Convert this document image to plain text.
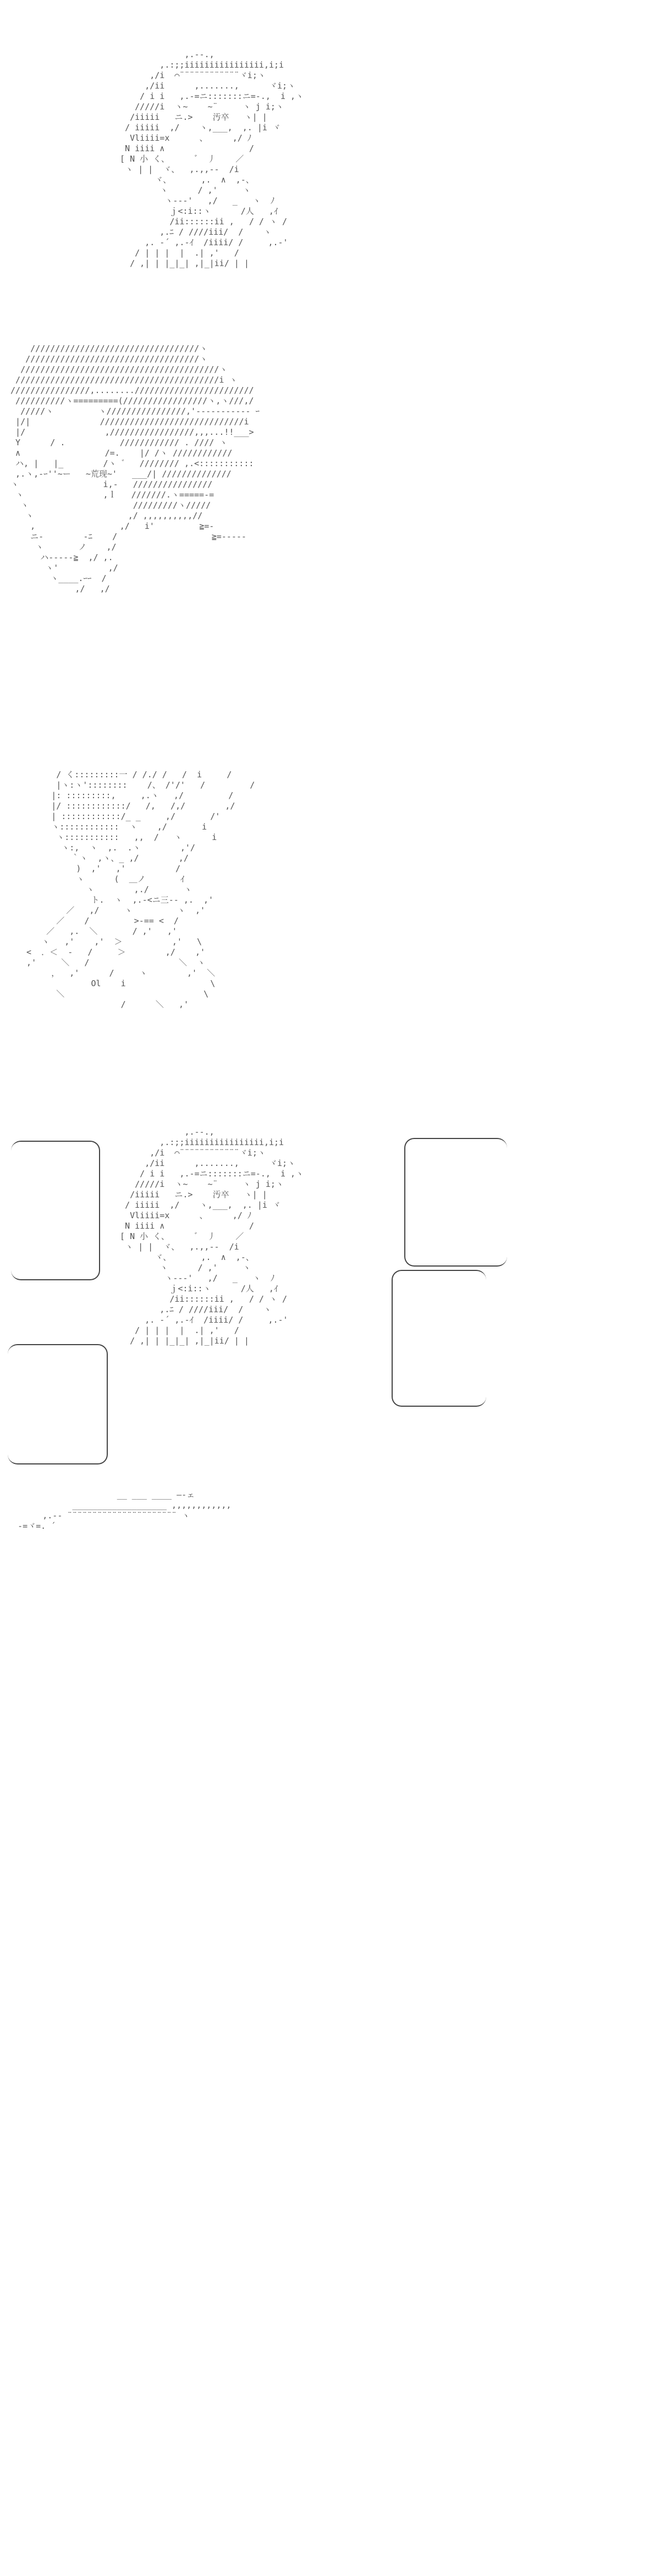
,.--.,
,.:;;iiiiiiiiiiiiiiii,i;i
,/i  ⌒¨¨¨¨¨¨¨¨¨¨¨¨ヾi;ヽ
,/ii      ,.......,      ヾi;ヽ
/ i i   ,.-=ニ:::::::ニ=-.,  i ,ヽ
/////i  ヽ~    ~¨     ヽ j i;ヽ
/iiiii   ニ.>    汚卒   ヽ| |
/ iiiii  ,/    ヽ,___,  ,. |i ヾ
Vliiii=x      、     ,/ ﾉ
N iiii ∧                 /
[ N 小 く、     ゛ 丿    ／
ヽ | |  ヾ、  ,.,,--  /i
ヾ、      ,.  ∧  ,-、
ヽ      / ,'     ヽ
ヽ---'   ,/   _   ヽ  ﾉ
ｊ<:i::ヽ      /人   ,ｲ
/ii::::::ii ,   / / ヽ /
,.ﾆ / ////iii/  /    ヽ
,. -´ ,.-ｲ  /iiii/ /     ,.-'
/ | | |  |  .| ,'   /
/ ,| | |_|_| ,|_|ii/ | |

//////////////////////////////////ヽ
///////////////////////////////////ヽ
////////////////////////////////////////ヽ
/////////////////////////////////////////i ヽ
////////////////,........////////////////////////
//////////ヽ=========(/////////////////ヽ,ヽ///,/
/////ヽ         ヽ////////////////,'----------- ｰ
|/|              /////////////////////////////i
|/                ,/////////////////,,,...!!___>
Y      / .           //////////// . //// ヽ
∧                 /=.    |/ /ヽ ////////////
ハ, |   |_        /ヽ ゛  //////// ,.<:::::::::::
,.ヽ,-ｰ''~ー   ~荒现~'   ___/| //////////////
ヽ                 i,-   ////////////////
ヽ                ,ｌ   ///////.ヽ=====-=
ヽ                     /////////ヽ/////
ヽ                   ,/ ,,,,,,,,,,//
,                 ,/   i'         ≧=-
ニ-        -ﾆ    /                   ≧=-----
ヽ       ノ    ,/
ハ-----≧  ,/ ,.
ヽ'          ,/
ヽ____.ｰｰ  /
,/   ,/

/ く:::::::::一 / /./ /   /  i     /
|ヽ:ヽ'::::::::    /、 /'/'   /         /
|: :::::::::,     ,.ヽ   ,/         /
|/ ::::::::::::/   /,   /,/        ,/
| ::::::::::::/_ _     ,/       /'
ヽ::::::::::::  ヽ    ,/       i
ヽ:::::::::::   ,,  /   ヽ      i
ヽ:,  ヽ  ,.  .ヽ        ,'/
｀ヽ  ,ヽ、_ ,/        ,/
)  ,'   ,'          /
ヽ      (  ＿ノ       ｲ
ヽ        ,./       ヽ
ト.  ヽ  ,.-<ニ三-- ,.  ,'
／   ,/     ヽ         ヽ  ,'
／    /         >-== <  /
／   ,.  ＼       / ,'   ,'
ヽ   ,'    ,'  ＞          ,'   \
<  ．＜  -   /     ＞        ,/    ,'
,'     ＼   /                  ＼  ヽ
，  ,'      /     ヽ        ,'  ＼
Ol    i                 \
＼                            \
/      ＼   ,'

,.--.,
,.:;;iiiiiiiiiiiiiiii,i;i
,/i  ⌒¨¨¨¨¨¨¨¨¨¨¨¨ヾi;ヽ
,/ii      ,.......,      ヾi;ヽ
/ i i   ,.-=ニ:::::::ニ=-.,  i ,ヽ
/////i  ヽ~    ~¨     ヽ j i;ヽ
/iiiii   ニ.>    汚卒   ヽ| |
/ iiiii  ,/    ヽ,___,  ,. |i ヾ
Vliiii=x      、     ,/ ﾉ
N iiii ∧                 /
[ N 小 く、     ゛ 丿    ／
ヽ | |  ヾ、  ,.,,--  /i
ヾ、      ,.  ∧  ,-、
ヽ      / ,'     ヽ
ヽ---'   ,/   _   ヽ  ﾉ
ｊ<:i::ヽ      /人   ,ｲ
/ii::::::ii ,   / / ヽ /
,.ﾆ / ////iii/  /    ヽ
,. -´ ,.-ｲ  /iiii/ /     ,.-'
/ | | |  |  .| ,'   /
/ ,| | |_|_| ,|_|ii/ | |

__ ___ ____ ―-ェ
___________________ ,,,,,,,,,,,,
,.-‐ ¨¨¨¨¨¨¨¨¨¨¨¨¨¨¨¨¨¨¨¨¨¨ ヽ
-=ヾ=. ´
